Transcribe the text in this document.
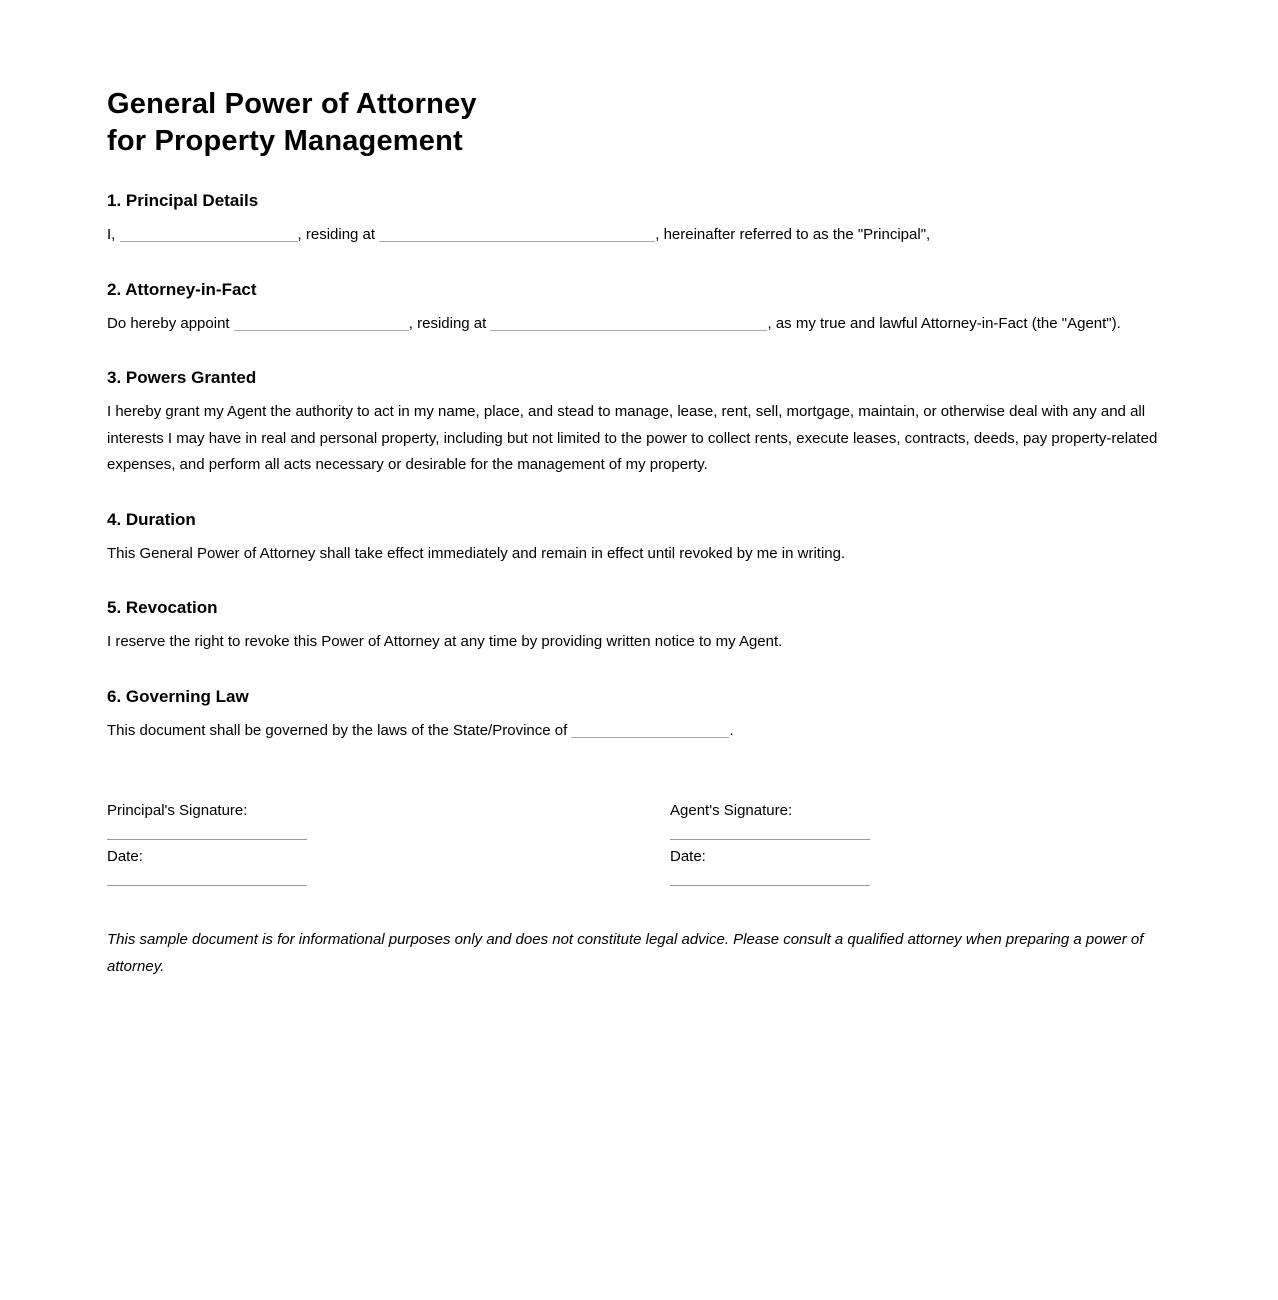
General Power of Attorney
for Property Management
1. Principal Details

I,	, residing at	, hereinafter referred to as the "Principal",

2. Attorney-in-Fact

Do hereby appoint	, residing at	, as my true and lawful Attorney-in-Fact (the "Agent").

3. Powers Granted

I hereby grant my Agent the authority to act in my name, place, and stead to manage, lease, rent, sell, mortgage, maintain, or otherwise deal with any and all interests I may have in real and personal property, including but not limited to the power to collect rents, execute leases, contracts, deeds, pay property-related expenses, and perform all acts necessary or desirable for the management of my property.

4. Duration

This General Power of Attorney shall take effect immediately and remain in effect until revoked by me in writing.

5. Revocation

I reserve the right to revoke this Power of Attorney at any time by providing written notice to my Agent.

6. Governing Law

This document shall be governed by the laws of the State/Province of	.

Principal's Signature:

Date:

Agent's Signature:

Date:

This sample document is for informational purposes only and does not constitute legal advice. Please consult a qualified attorney when preparing a power of attorney.
